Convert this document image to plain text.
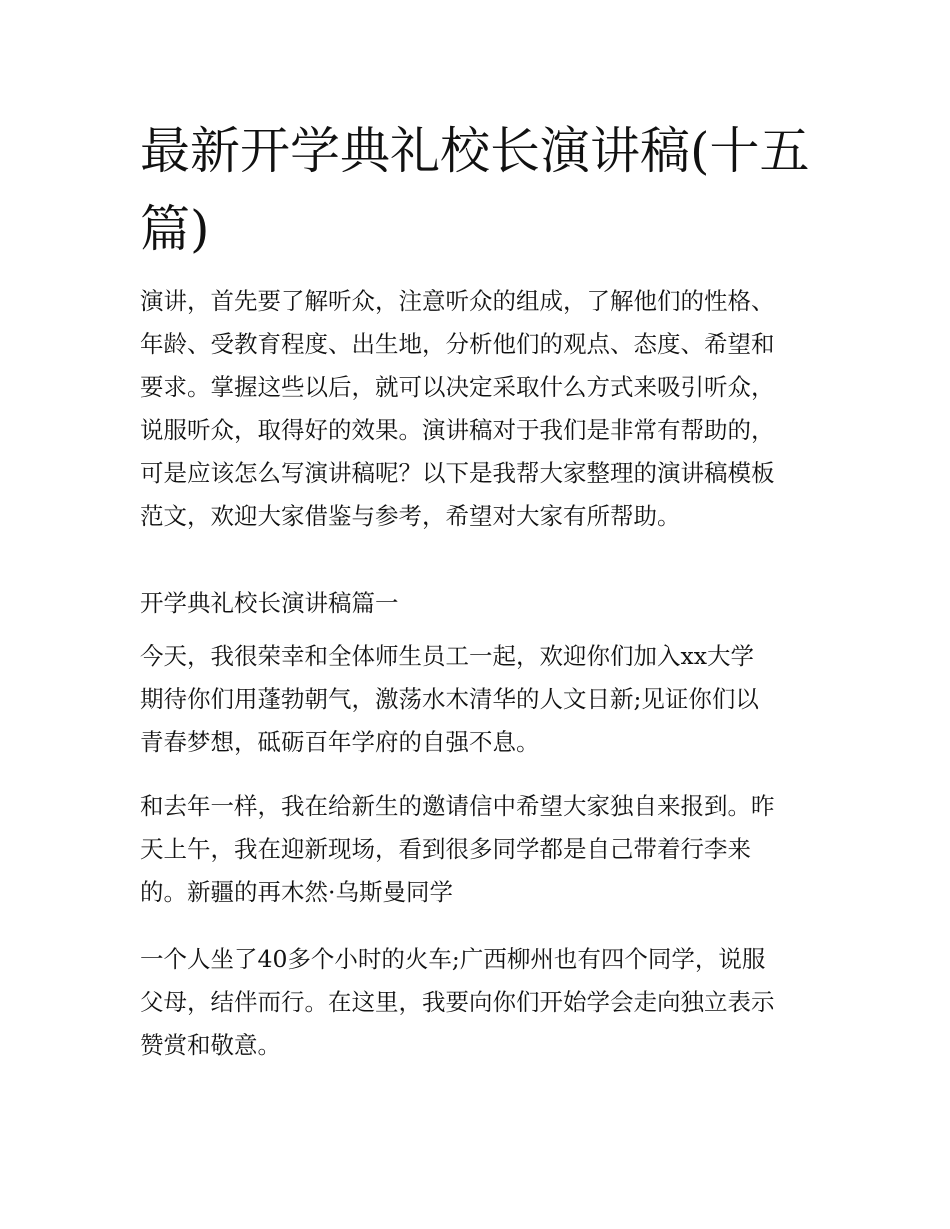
最新开学典礼校长演讲稿(十五
篇)

演讲，首先要了解听众，注意听众的组成，了解他们的性格、
年龄、受教育程度、出生地，分析他们的观点、态度、希望和
要求。掌握这些以后，就可以决定采取什么方式来吸引听众，
说服听众，取得好的效果。演讲稿对于我们是非常有帮助的，
可是应该怎么写演讲稿呢？以下是我帮大家整理的演讲稿模板
范文，欢迎大家借鉴与参考，希望对大家有所帮助。

开学典礼校长演讲稿篇一

今天，我很荣幸和全体师生员工一起，欢迎你们加入xx大学
期待你们用蓬勃朝气，激荡水木清华的人文日新;见证你们以
青春梦想，砥砺百年学府的自强不息。

和去年一样，我在给新生的邀请信中希望大家独自来报到。昨
天上午，我在迎新现场，看到很多同学都是自己带着行李来
的。新疆的再木然·乌斯曼同学

一个人坐了40多个小时的火车;广西柳州也有四个同学，说服
父母，结伴而行。在这里，我要向你们开始学会走向独立表示
赞赏和敬意。
